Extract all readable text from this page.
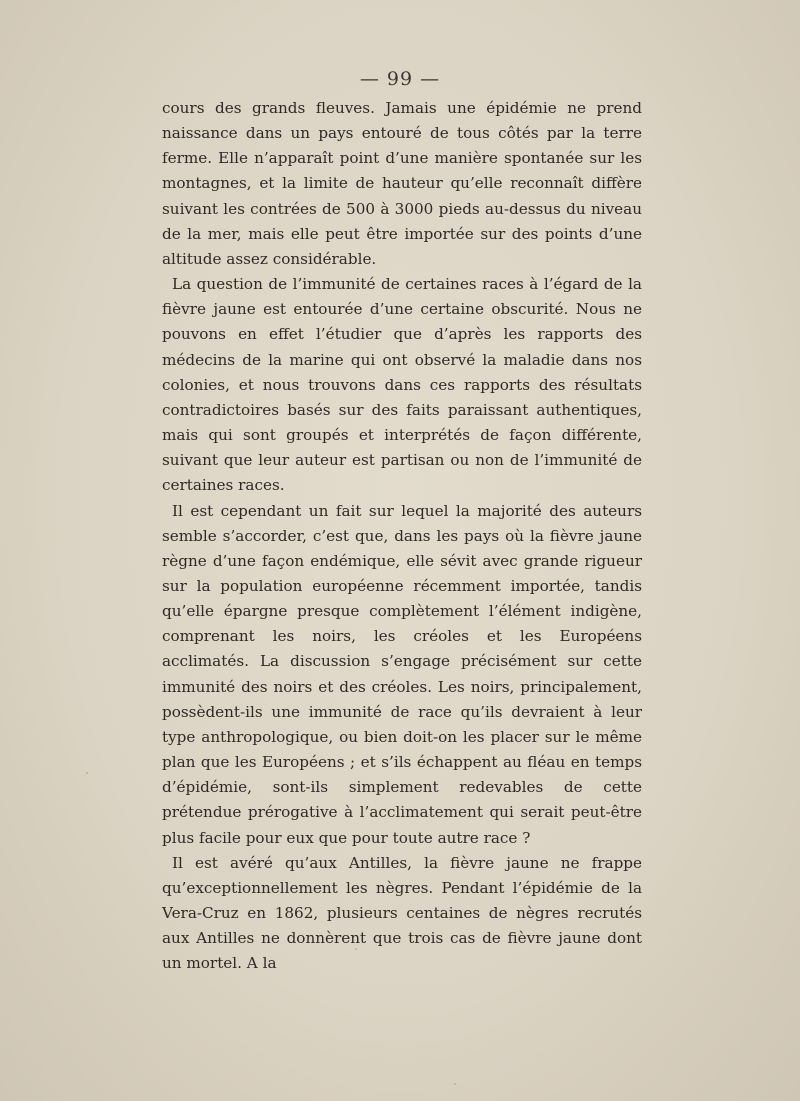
— 99 —

cours des grands fleuves. Jamais une épidémie ne prend naissance dans un pays entouré de tous côtés par la terre ferme. Elle n’apparaît point d’une manière spontanée sur les montagnes, et la limite de hauteur qu’elle reconnaît diffère suivant les contrées de 500 à 3000 pieds au-dessus du niveau de la mer, mais elle peut être importée sur des points d’une altitude assez considérable.

La question de l’immunité de certaines races à l’égard de la fièvre jaune est entourée d’une certaine obscurité. Nous ne pouvons en effet l’étudier que d’après les rapports des médecins de la marine qui ont observé la maladie dans nos colonies, et nous trouvons dans ces rapports des résultats contradictoires basés sur des faits paraissant authentiques, mais qui sont groupés et interprétés de façon différente, suivant que leur auteur est partisan ou non de l’immunité de certaines races.

Il est cependant un fait sur lequel la majorité des auteurs semble s’accorder, c’est que, dans les pays où la fièvre jaune règne d’une façon endémique, elle sévit avec grande rigueur sur la population européenne récemment importée, tandis qu’elle épargne presque complètement l’élément indigène, comprenant les noirs, les créoles et les Européens acclimatés. La discussion s’engage précisément sur cette immunité des noirs et des créoles. Les noirs, principalement, possèdent-ils une immunité de race qu’ils devraient à leur type anthropologique, ou bien doit-on les placer sur le même plan que les Européens ; et s’ils échappent au fléau en temps d’épidémie, sont-ils simplement redevables de cette prétendue prérogative à l’acclimatement qui serait peut-être plus facile pour eux que pour toute autre race ?

Il est avéré qu’aux Antilles, la fièvre jaune ne frappe qu’exceptionnellement les nègres. Pendant l’épidémie de la Vera-Cruz en 1862, plusieurs centaines de nègres recrutés aux Antilles ne donnèrent que trois cas de fièvre jaune dont un mortel. A la
